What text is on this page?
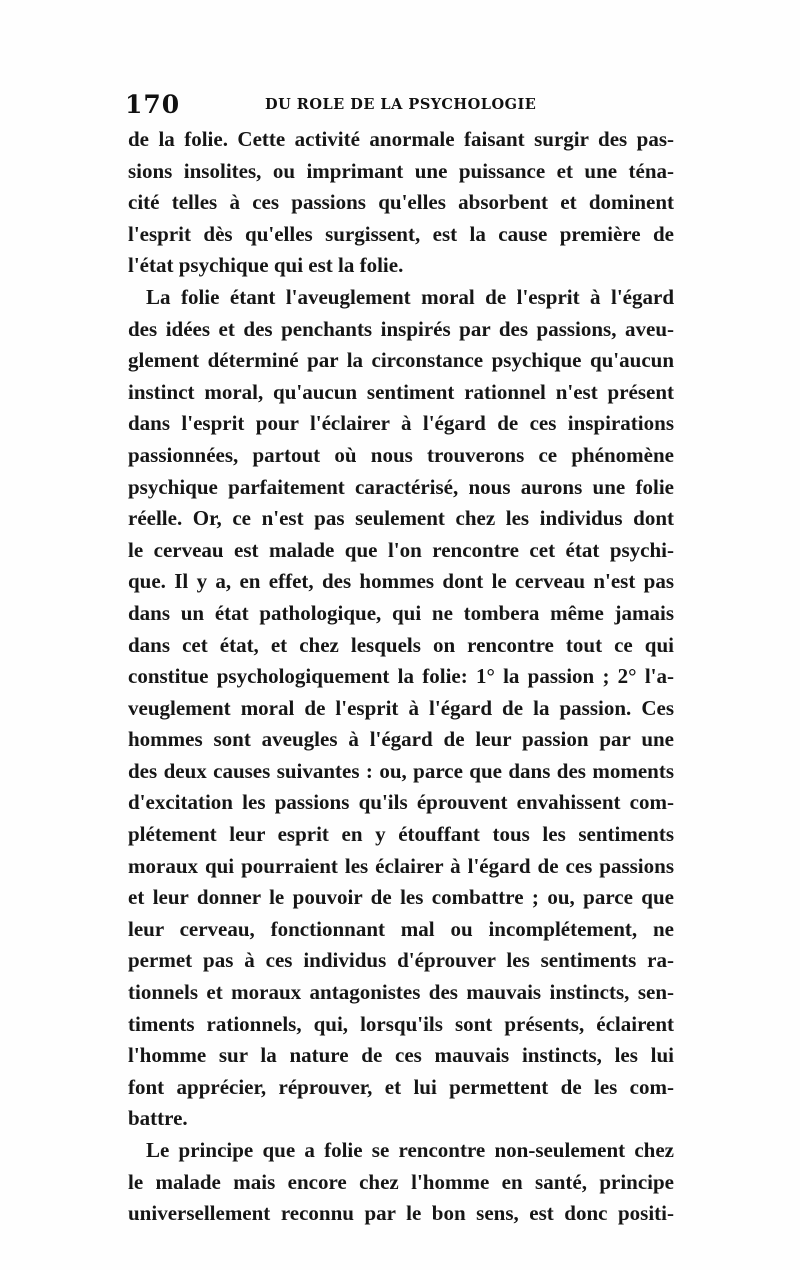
170	DU ROLE DE LA PSYCHOLOGIE
de la folie. Cette activité anormale faisant surgir des pas-
sions insolites, ou imprimant une puissance et une téna-
cité telles à ces passions qu'elles absorbent et dominent
l'esprit dès qu'elles surgissent, est la cause première de
l'état psychique qui est la folie.
La folie étant l'aveuglement moral de l'esprit à l'égard
des idées et des penchants inspirés par des passions, aveu-
glement déterminé par la circonstance psychique qu'aucun
instinct moral, qu'aucun sentiment rationnel n'est présent
dans l'esprit pour l'éclairer à l'égard de ces inspirations
passionnées, partout où nous trouverons ce phénomène
psychique parfaitement caractérisé, nous aurons une folie
réelle. Or, ce n'est pas seulement chez les individus dont
le cerveau est malade que l'on rencontre cet état psychi-
que. Il y a, en effet, des hommes dont le cerveau n'est pas
dans un état pathologique, qui ne tombera même jamais
dans cet état, et chez lesquels on rencontre tout ce qui
constitue psychologiquement la folie: 1° la passion ; 2° l'a-
veuglement moral de l'esprit à l'égard de la passion. Ces
hommes sont aveugles à l'égard de leur passion par une
des deux causes suivantes : ou, parce que dans des moments
d'excitation les passions qu'ils éprouvent envahissent com-
plétement leur esprit en y étouffant tous les sentiments
moraux qui pourraient les éclairer à l'égard de ces passions
et leur donner le pouvoir de les combattre ; ou, parce que
leur cerveau, fonctionnant mal ou incomplétement, ne
permet pas à ces individus d'éprouver les sentiments ra-
tionnels et moraux antagonistes des mauvais instincts, sen-
timents rationnels, qui, lorsqu'ils sont présents, éclairent
l'homme sur la nature de ces mauvais instincts, les lui
font apprécier, réprouver, et lui permettent de les com-
battre.
Le principe que a folie se rencontre non-seulement chez
le malade mais encore chez l'homme en santé, principe
universellement reconnu par le bon sens, est donc positi-
